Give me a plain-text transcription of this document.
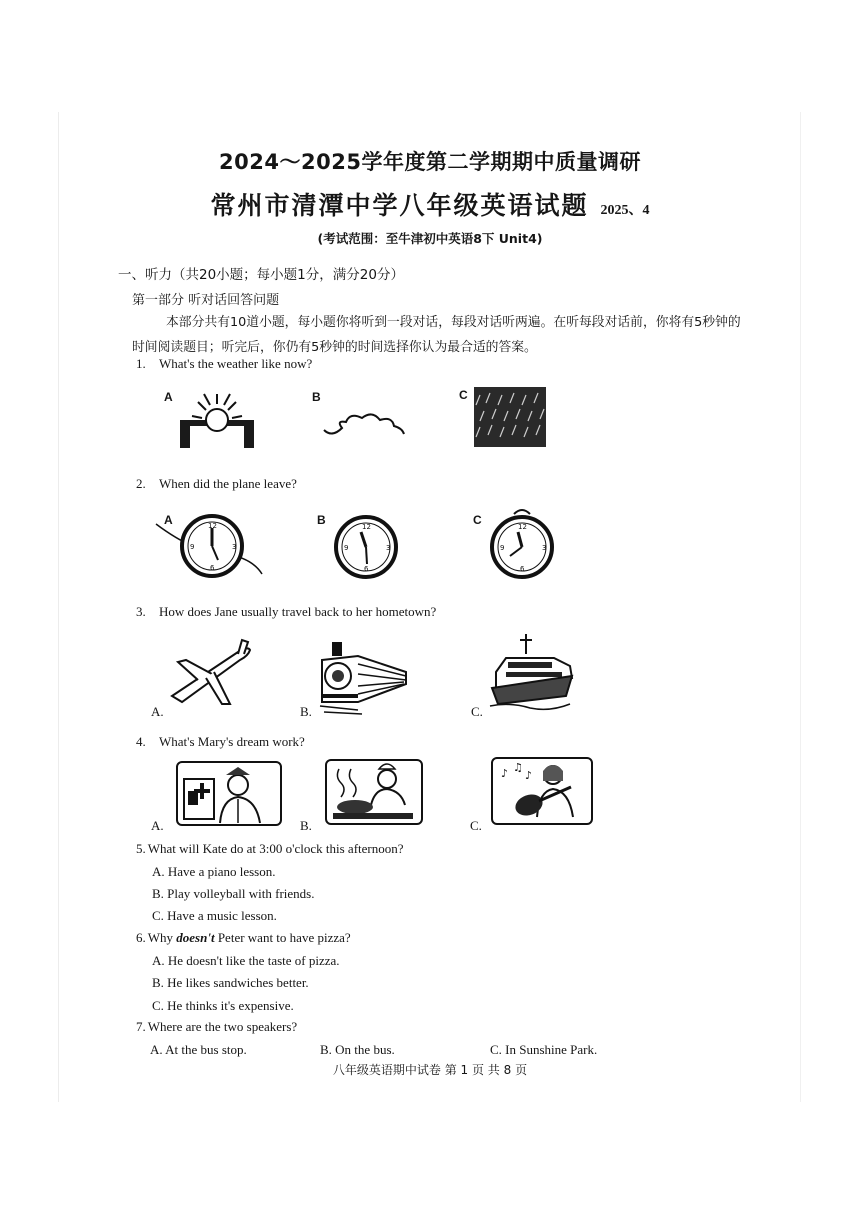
2024～2025学年度第二学期期中质量调研
常州市清潭中学八年级英语试题 2025、4
(考试范围：至牛津初中英语8下 Unit4)
一、听力（共20小题；每小题1分，满分20分）
第一部分 听对话回答问题
本部分共有10道小题，每小题你将听到一段对话，每段对话听两遍。在听每段对话前，你将有5秒钟的时间阅读题目；听完后，你仍有5秒钟的时间选择你认为最合适的答案。
1. What's the weather like now?
A	B	C
2. When did the plane leave?
A	B	C
12
3
6
9
12
3
6
9
12
3
6
9
3. How does Jane usually travel back to her hometown?
A.	B.	C.
4. What's Mary's dream work?
A.	B.
♪ ♫
♪
C.
5. What will Kate do at 3:00 o'clock this afternoon?
A. Have a piano lesson.
B. Play volleyball with friends.
C. Have a music lesson.
6. Why doesn't Peter want to have pizza?
A. He doesn't like the taste of pizza.
B. He likes sandwiches better.
C. He thinks it's expensive.
7. Where are the two speakers?
A. At the bus stop.	B. On the bus.	C. In Sunshine Park.
八年级英语期中试卷 第 1 页 共 8 页
